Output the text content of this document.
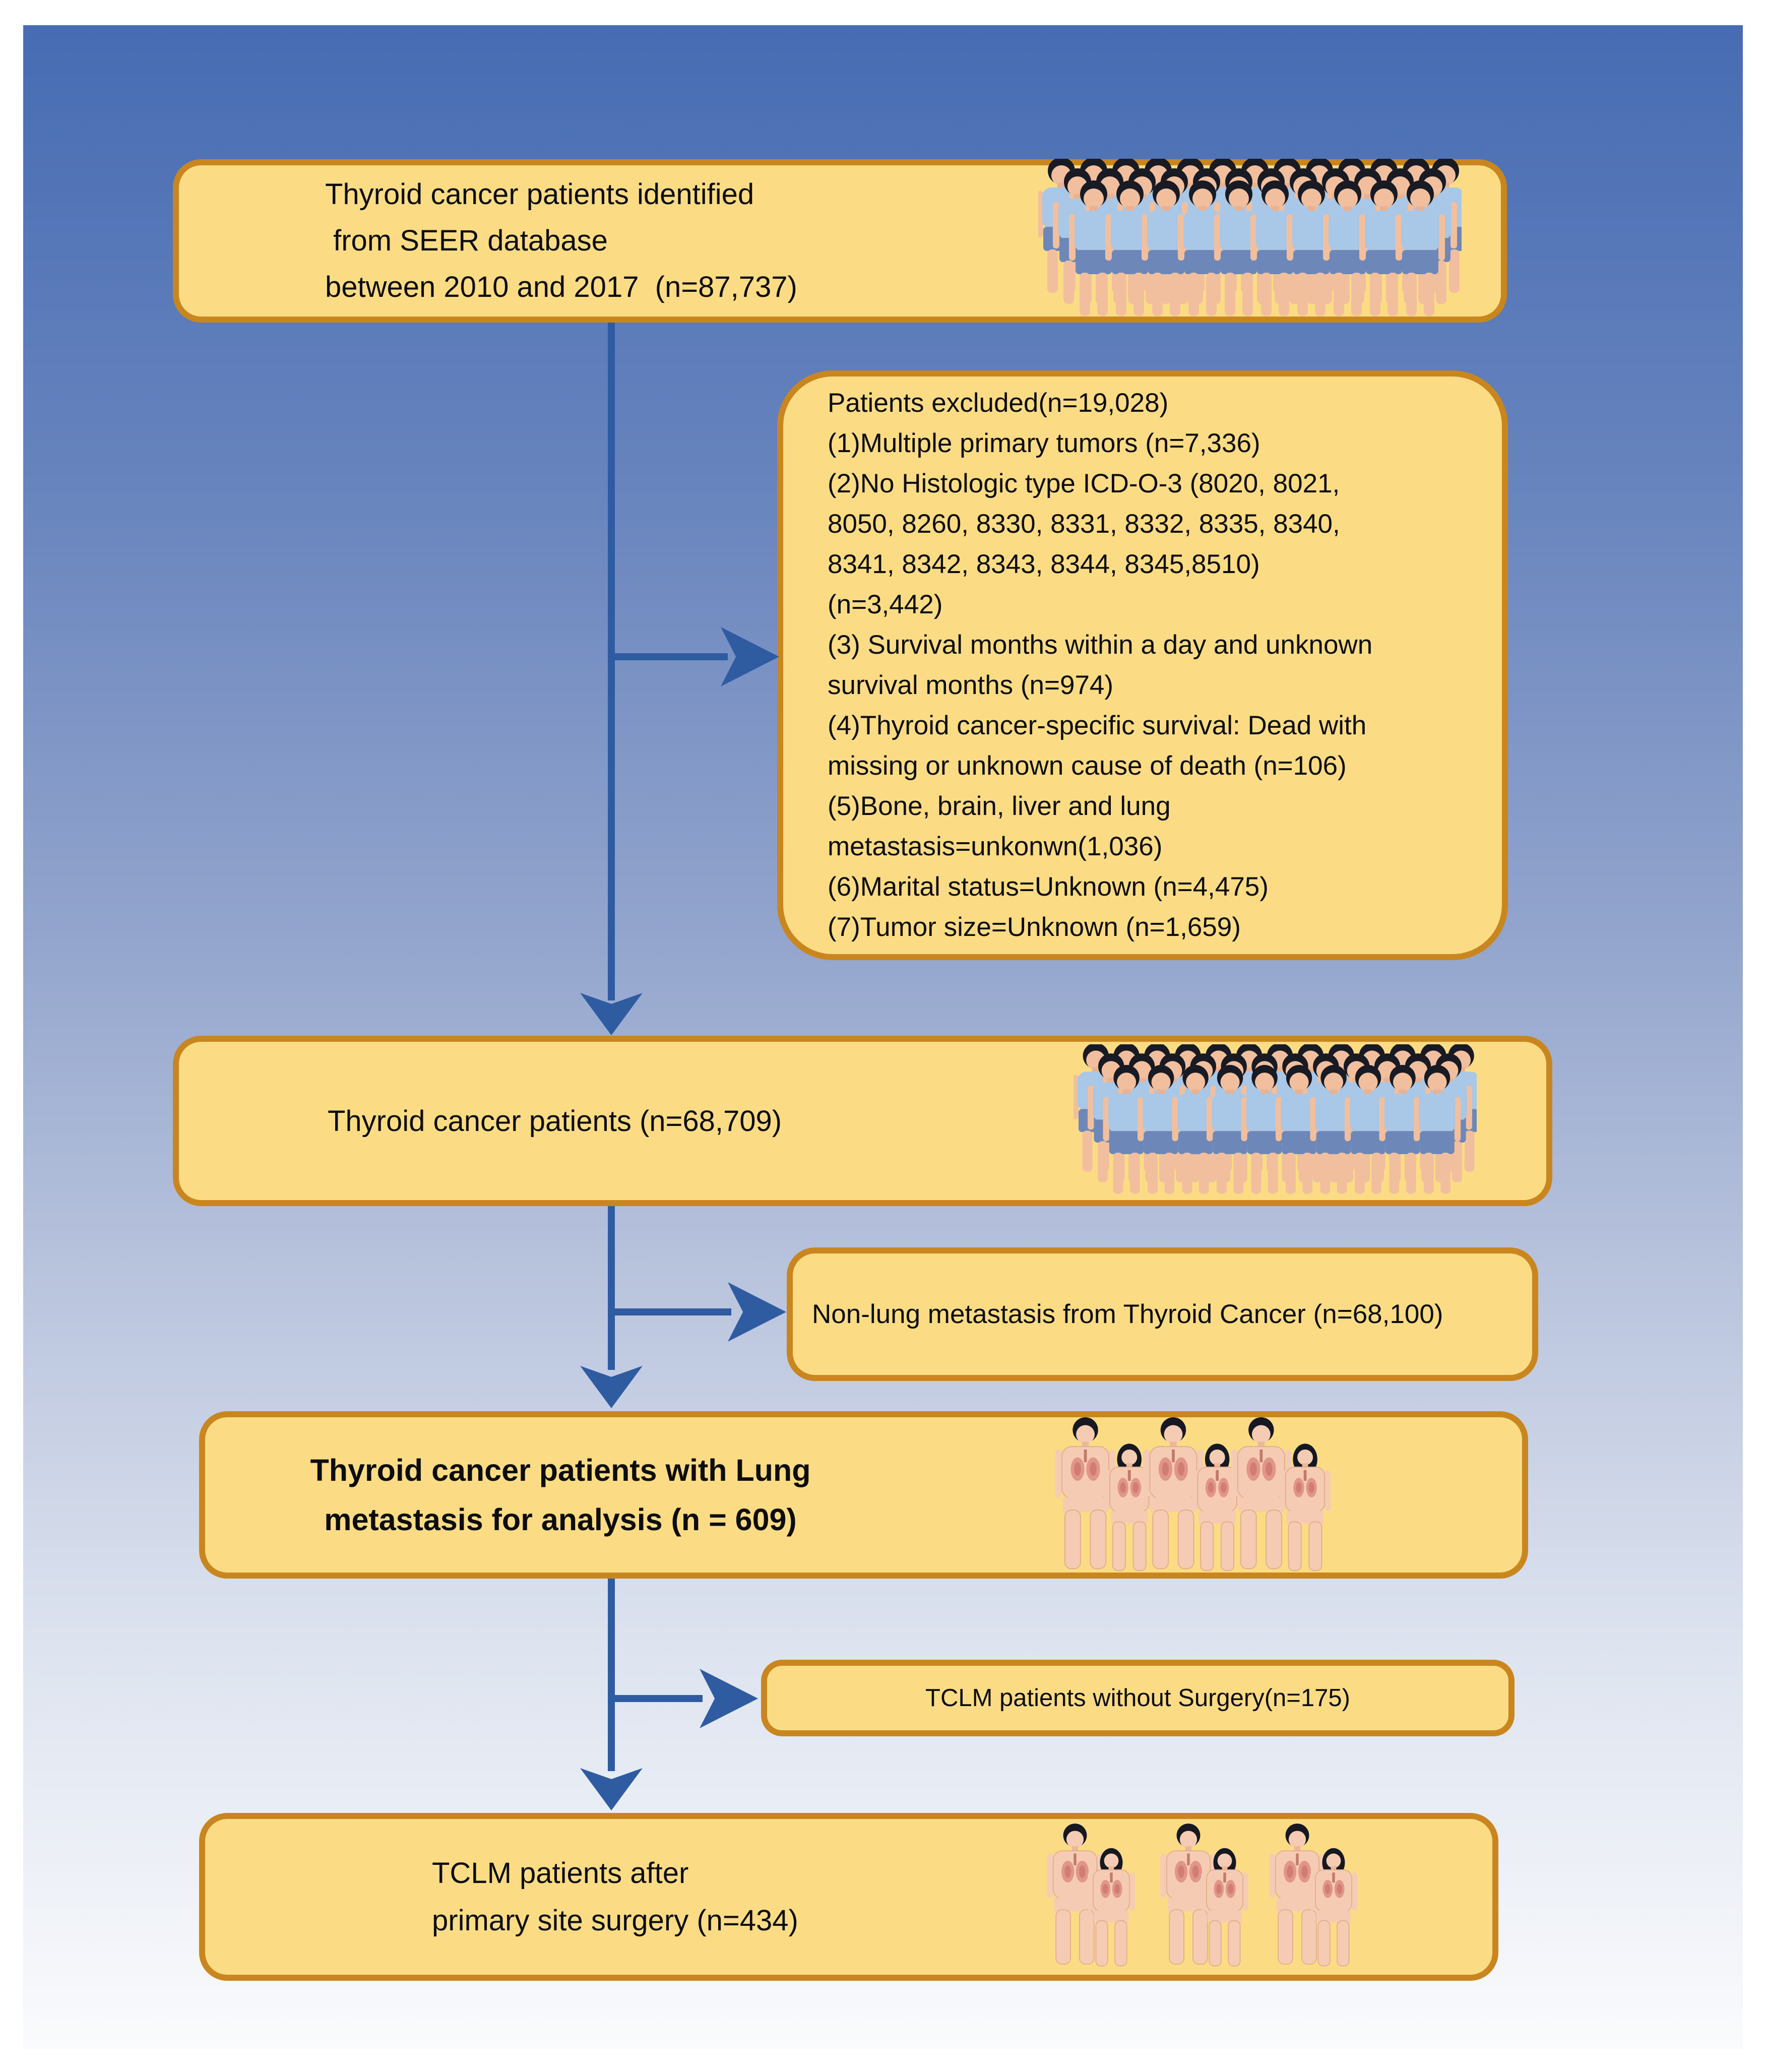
Thyroid cancer patients identified
from SEER database
between 2010 and 2017  (n=87,737)
Patients excluded(n=19,028)
(1)Multiple primary tumors (n=7,336)
(2)No Histologic type ICD-O-3 (8020, 8021,
8050, 8260, 8330, 8331, 8332, 8335, 8340,
8341, 8342, 8343, 8344, 8345,8510)
(n=3,442)
(3) Survival months within a day and unknown
survival months (n=974)
(4)Thyroid cancer-specific survival: Dead with
missing or unknown cause of death (n=106)
(5)Bone, brain, liver and lung
metastasis=unkonwn(1,036)
(6)Marital status=Unknown (n=4,475)
(7)Tumor size=Unknown (n=1,659)
Thyroid cancer patients (n=68,709)
Non-lung metastasis from Thyroid Cancer (n=68,100)
Thyroid cancer patients with Lung
metastasis for analysis (n = 609)
TCLM patients without Surgery(n=175)
TCLM patients after
primary site surgery (n=434)
